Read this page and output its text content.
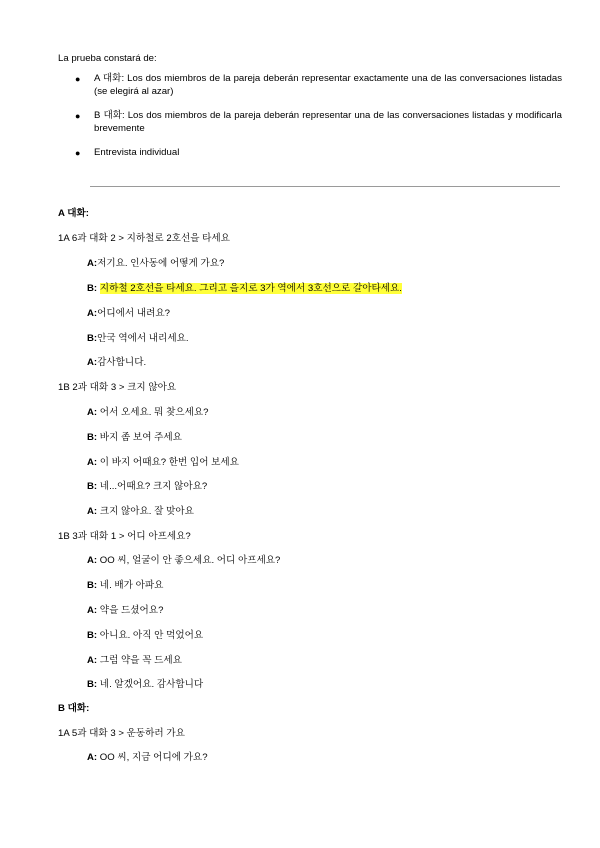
La prueba constará de:

● A 대화: Los dos miembros de la pareja deberán representar exactamente una de las conversaciones listadas (se elegirá al azar)
● B 대화: Los dos miembros de la pareja deberán representar una de las conversaciones listadas y modificarla brevemente
● Entrevista individual

A 대화:

1A 6과 대화 2 > 지하철로 2호선을 타세요

A:저기요. 인사동에 어떻게 가요?

B: 지하철 2호선을 타세요. 그리고 을지로 3가 역에서 3호선으로 갈아타세요.

A:어디에서 내려요?

B:안국 역에서 내리세요.

A:감사합니다.

1B 2과 대화 3 > 크지 않아요

A: 어서 오세요. 뭐 찾으세요?

B: 바지 좀 보여 주세요

A: 이 바지 어때요? 한번 입어 보세요

B: 네...어때요? 크지 않아요?

A: 크지 않아요. 잘 맞아요

1B 3과 대화 1 > 어디 아프세요?

A: OO 씨, 얼굴이 안 좋으세요. 어디 아프세요?

B: 네. 배가 아파요

A: 약을 드셨어요?

B: 아니요. 아직 안 먹었어요

A: 그럼 약을 꼭 드세요

B: 네. 알겠어요. 감사합니다

B 대화:

1A 5과 대화 3 > 운동하러 가요

A: OO 씨, 지금 어디에 가요?
